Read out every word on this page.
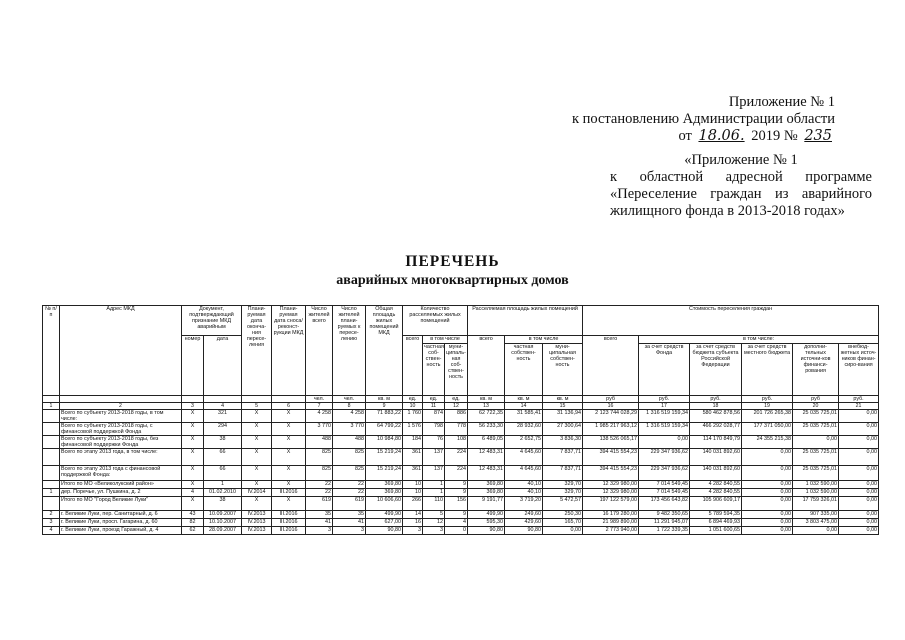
Приложение № 1
к постановлению Администрации области
от 18.06. 2019 № 235
«Приложение № 1
к областной адресной программе «Переселение граждан из аварийного жилищного фонда в 2013-2018 годах»
ПЕРЕЧЕНЬ
аварийных многоквартирных домов
№ п/п	Адрес МКД	Документ, подтверждающий признание МКД аварийным		Плани-руемая дата оконча-ния пересе-ления	Плани-руемая дата сноса/ реконст-рукции МКД	Число жителей всего	Число жителей плани-руемых к пересе-лению	Общая площадь жилых помещений МКД	Количество расселяемых жилых помещений			Расселяемая площадь жилых помещений			Стоимость переселения граждан					
		номер	дата						всего	в том числе		всего	в том числе		всего	в том числе:				
										частная соб-ствен-ность	муни-ципаль-ная соб-ствен-ность		частная собствен-ность	муни-ципальная собствен-ность		за счет средств Фонда	за счет средств бюджета субъекта Российской Федерации	за счет средств местного бюджета	дополни-тельных источни-ков финанси-рования	внебюд-жетных источ-ников финан-сиро-вания
						чел.	чел.	кв. м	ед.	ед.	ед.	кв. м	кв. м	кв. м	руб	руб.	руб.	руб.	руб	руб.
1	2	3	4	5	6	7	8	9	10	11	12	13	14	15	16	17	18	19	20	21
	Всего по субъекту 2013-2018 годы, в том числе:	X	321	X	X	4 258	4 258	71 883,22	1 760	874	886	62 722,35	31 585,41	31 136,94	2 123 744 028,29	1 316 519 159,34	580 462 878,56	201 726 265,38	25 035 725,01	0,00
	Всего по субъекту 2013-2018 годы, с финансовой поддержкой Фонда	X	294	X	X	3 770	3 770	64 799,22	1 576	798	778	56 233,30	28 932,60	27 300,64	1 985 217 963,12	1 316 519 159,34	466 292 028,77	177 371 050,00	25 035 725,01	0,00
	Всего по субъекту 2013-2018 годы, без финансовой поддержки Фонда	X	38	X	X	488	488	10 984,80	184	76	108	6 489,05	2 652,75	3 836,30	138 526 065,17	0,00	114 170 849,79	24 355 215,38	0,00	0,00
	Всего по этапу 2013 года, в том числе:	X	66	X	X	825	825	15 219,24	361	137	224	12 483,31	4 645,60	7 837,71	394 415 554,23	229 347 936,62	140 031 892,60	0,00	25 035 725,01	0,00
	Всего по этапу 2013 года с финансовой поддержкой Фонда:	X	66	X	X	825	825	15 219,24	361	137	224	12 483,31	4 645,60	7 837,71	394 415 554,23	229 347 936,62	140 031 892,60	0,00	25 035 725,01	0,00
	Итого по МО «Великолукский район»	X	1	X	X	22	22	369,80	10	1	9	369,80	40,10	329,70	12 329 980,00	7 014 549,45	4 282 840,55	0,00	1 032 590,00	0,00
1	дер. Поречье, ул. Пушкина, д. 2	4	01.02.2010	IV.2014	III.2016	22	22	369,80	10	1	9	369,80	40,10	329,70	12 329 980,00	7 014 549,45	4 282 840,55	0,00	1 032 590,00	0,00
	Итого по МО "Город Великие Луки"	X	38	X	X	619	619	10 606,60	266	110	156	9 191,77	3 719,20	5 472,57	197 122 579,00	173 456 643,82	105 906 609,17	0,00	17 759 326,01	0,00
2	г. Великие Луки, пер. Санитарный, д. 6	43	10.09.2007	IV.2013	III.2016	35	35	499,90	14	5	9	499,90	249,60	250,30	16 179 280,00	9 482 350,65	5 789 594,35	0,00	907 335,00	0,00
3	г. Великие Луки, просп. Гагарина, д. 60	82	10.10.2007	IV.2013	III.2016	41	41	627,00	16	12	4	595,30	429,60	165,70	21 989 890,00	11 291 945,07	6 894 469,93	0,00	3 803 475,00	0,00
4	г. Великие Луки, проезд Гаражный, д. 4	62	28.09.2007	IV.2013	III.2016	3	3	90,80	3	3	0	90,80	90,80	0,00	2 773 940,00	1 722 339,35	1 051 600,65	0,00	0,00	0,00
